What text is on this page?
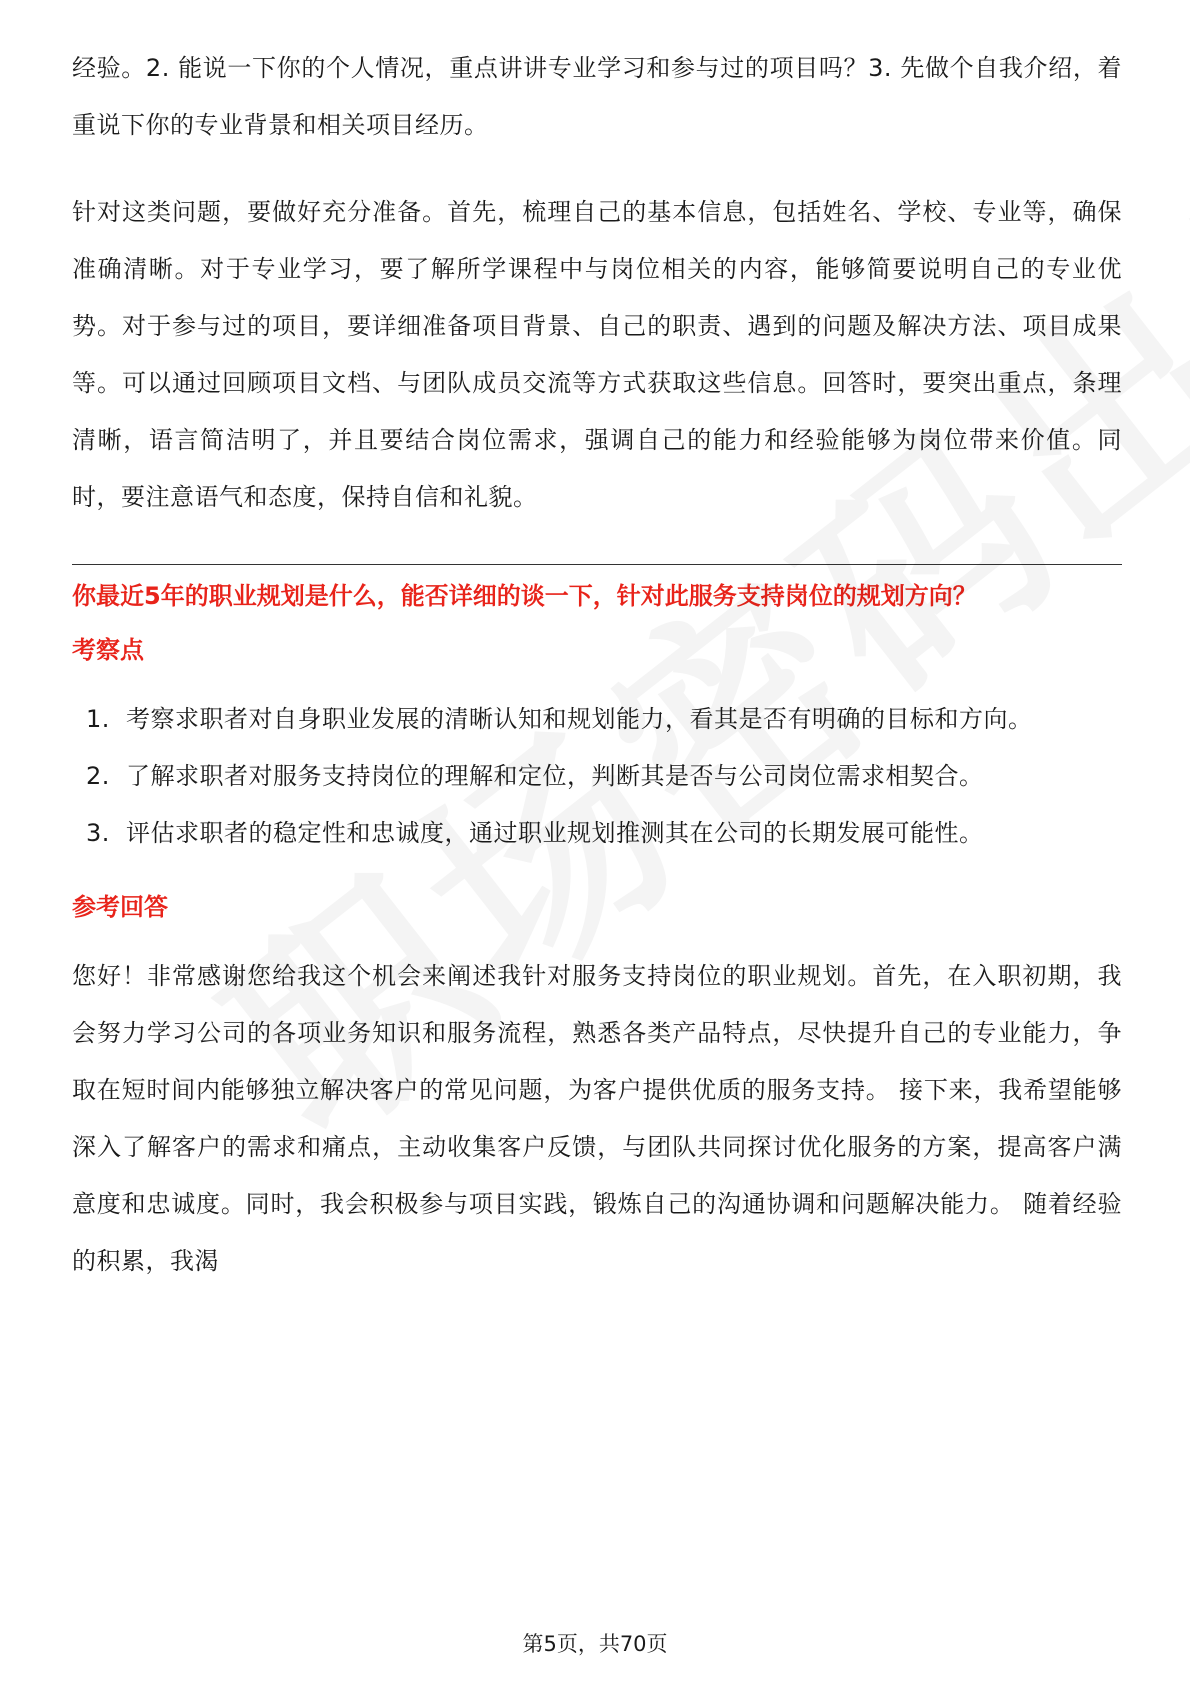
经验。2. 能说一下你的个人情况，重点讲讲专业学习和参与过的项目吗？3. 先做个自我介绍，着重说下你的专业背景和相关项目经历。

针对这类问题，要做好充分准备。首先，梳理自己的基本信息，包括姓名、学校、专业等，确保准确清晰。对于专业学习，要了解所学课程中与岗位相关的内容，能够简要说明自己的专业优势。对于参与过的项目，要详细准备项目背景、自己的职责、遇到的问题及解决方法、项目成果等。可以通过回顾项目文档、与团队成员交流等方式获取这些信息。回答时，要突出重点，条理清晰，语言简洁明了，并且要结合岗位需求，强调自己的能力和经验能够为岗位带来价值。同时，要注意语气和态度，保持自信和礼貌。

你最近5年的职业规划是什么，能否详细的谈一下，针对此服务支持岗位的规划方向？
考察点
1. 考察求职者对自身职业发展的清晰认知和规划能力，看其是否有明确的目标和方向。
2. 了解求职者对服务支持岗位的理解和定位，判断其是否与公司岗位需求相契合。
3. 评估求职者的稳定性和忠诚度，通过职业规划推测其在公司的长期发展可能性。
参考回答

您好！非常感谢您给我这个机会来阐述我针对服务支持岗位的职业规划。首先，在入职初期，我会努力学习公司的各项业务知识和服务流程，熟悉各类产品特点，尽快提升自己的专业能力，争取在短时间内能够独立解决客户的常见问题，为客户提供优质的服务支持。 接下来，我希望能够深入了解客户的需求和痛点，主动收集客户反馈，与团队共同探讨优化服务的方案，提高客户满意度和忠诚度。同时，我会积极参与项目实践，锻炼自己的沟通协调和问题解决能力。 随着经验的积累，我渴

第5页，共70页
